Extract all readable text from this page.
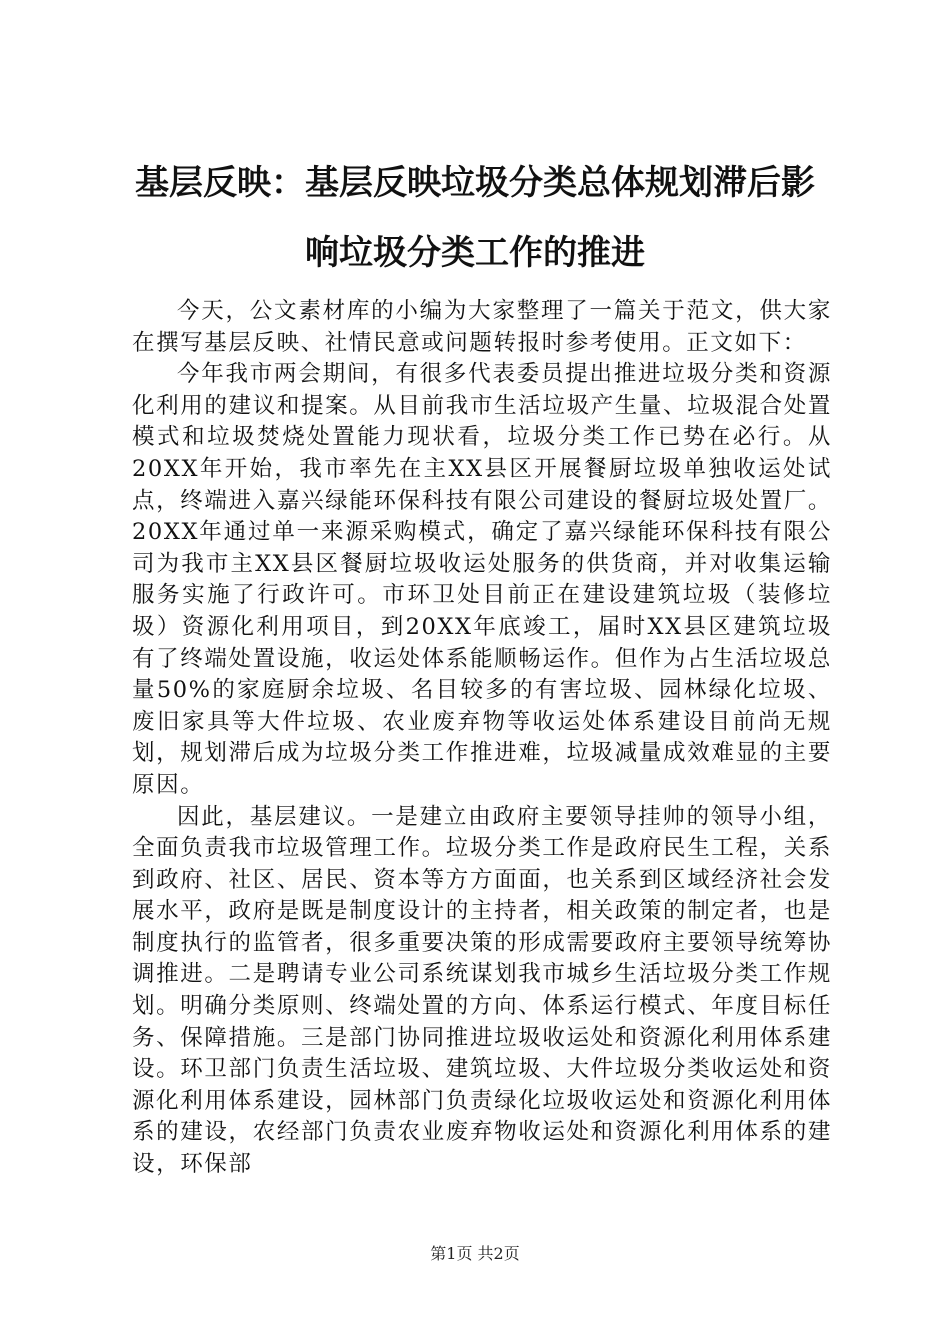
基层反映：基层反映垃圾分类总体规划滞后影
响垃圾分类工作的推进

今天，公文素材库的小编为大家整理了一篇关于范文，供大家在撰写基层反映、社情民意或问题转报时参考使用。正文如下：

今年我市两会期间，有很多代表委员提出推进垃圾分类和资源化利用的建议和提案。从目前我市生活垃圾产生量、垃圾混合处置模式和垃圾焚烧处置能力现状看，垃圾分类工作已势在必行。从20XX年开始，我市率先在主XX县区开展餐厨垃圾单独收运处试点，终端进入嘉兴绿能环保科技有限公司建设的餐厨垃圾处置厂。20XX年通过单一来源采购模式，确定了嘉兴绿能环保科技有限公司为我市主XX县区餐厨垃圾收运处服务的供货商，并对收集运输服务实施了行政许可。市环卫处目前正在建设建筑垃圾（装修垃圾）资源化利用项目，到20XX年底竣工，届时XX县区建筑垃圾有了终端处置设施，收运处体系能顺畅运作。但作为占生活垃圾总量50%的家庭厨余垃圾、名目较多的有害垃圾、园林绿化垃圾、废旧家具等大件垃圾、农业废弃物等收运处体系建设目前尚无规划，规划滞后成为垃圾分类工作推进难，垃圾减量成效难显的主要原因。

因此，基层建议。一是建立由政府主要领导挂帅的领导小组，全面负责我市垃圾管理工作。垃圾分类工作是政府民生工程，关系到政府、社区、居民、资本等方方面面，也关系到区域经济社会发展水平，政府是既是制度设计的主持者，相关政策的制定者，也是制度执行的监管者，很多重要决策的形成需要政府主要领导统筹协调推进。二是聘请专业公司系统谋划我市城乡生活垃圾分类工作规划。明确分类原则、终端处置的方向、体系运行模式、年度目标任务、保障措施。三是部门协同推进垃圾收运处和资源化利用体系建设。环卫部门负责生活垃圾、建筑垃圾、大件垃圾分类收运处和资源化利用体系建设，园林部门负责绿化垃圾收运处和资源化利用体系的建设，农经部门负责农业废弃物收运处和资源化利用体系的建设，环保部

第1页 共2页
